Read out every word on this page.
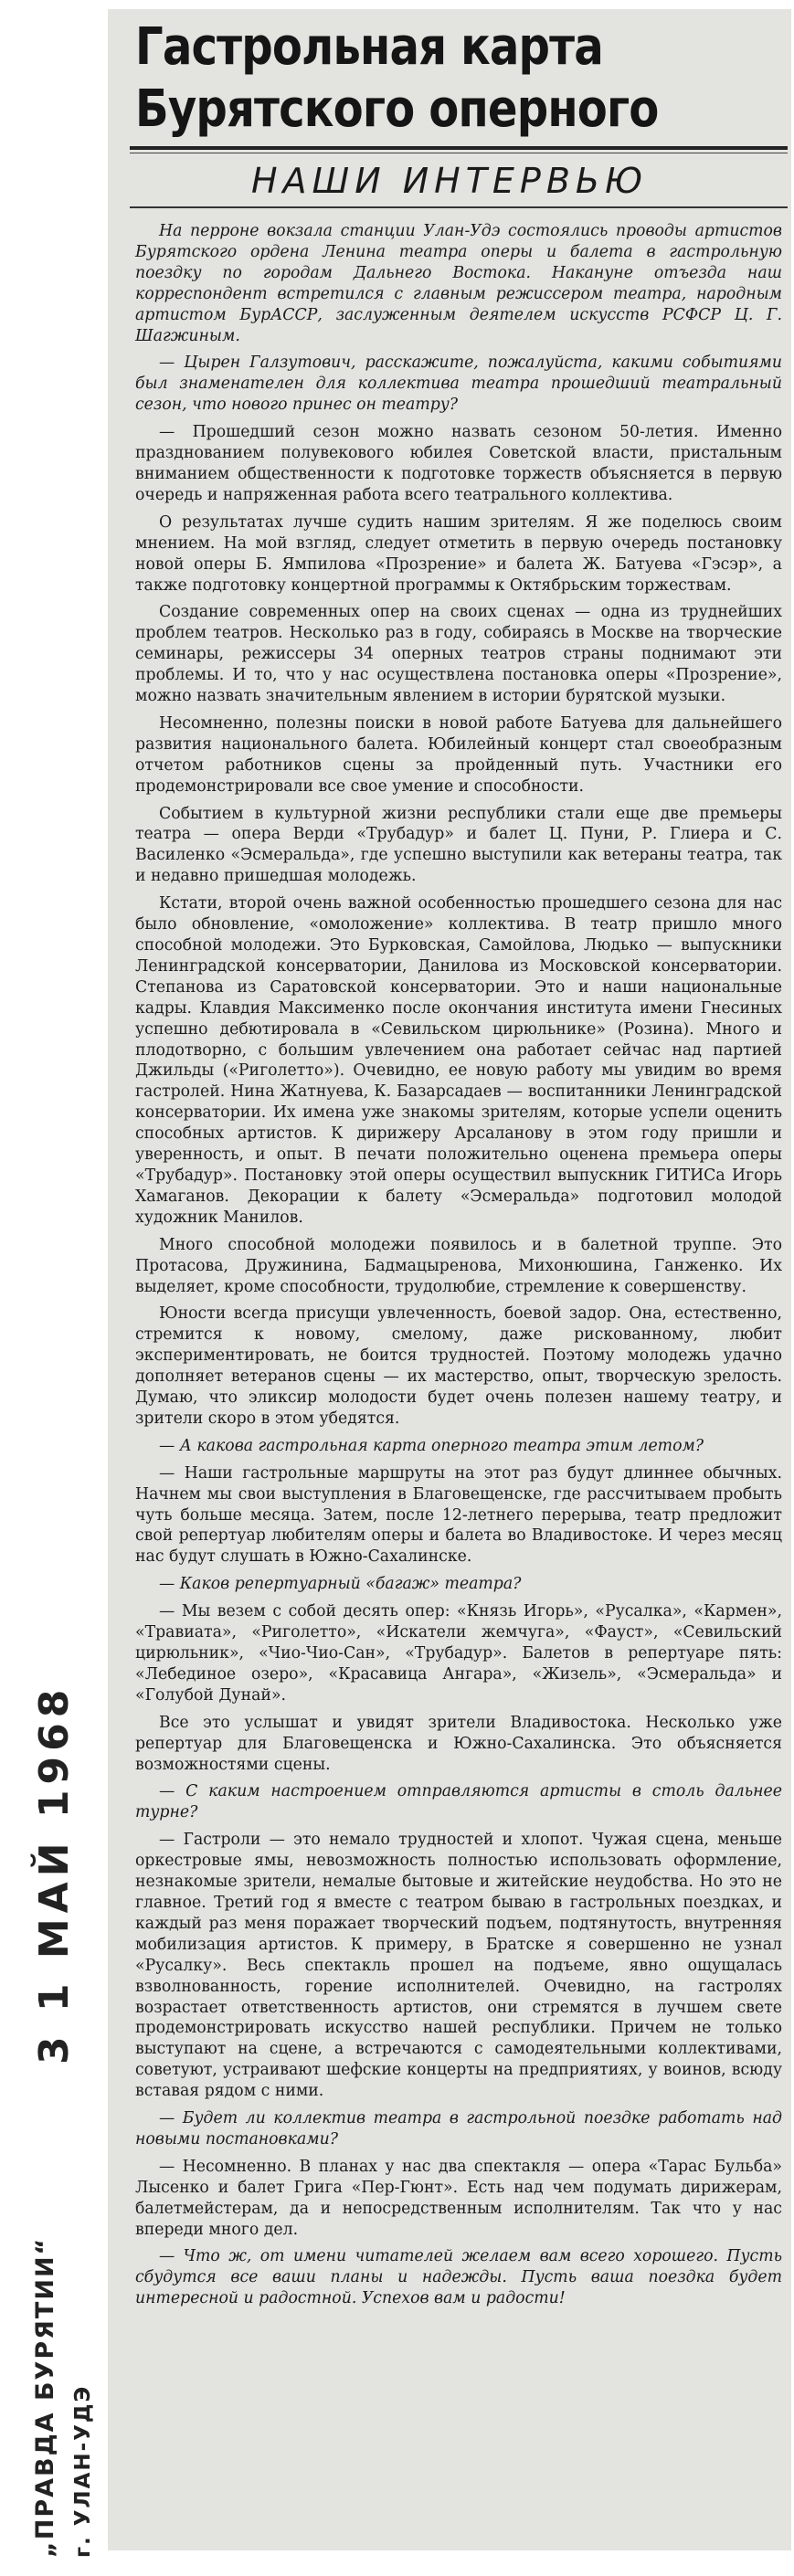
Гастрольная карта
Бурятского оперного
НАШИ ИНТЕРВЬЮ

На перроне вокзала станции Улан-Удэ состоялись проводы артистов Бурятского ордена Ленина театра оперы и балета в гастрольную поездку по городам Дальнего Востока. Накануне отъезда наш корреспондент встретился с главным режиссером театра, народным артистом БурАССР, заслуженным деятелем искусств РСФСР Ц. Г. Шагжиным.

— Цырен Галзутович, расскажите, пожалуйста, какими событиями был знаменателен для коллектива театра прошедший театральный сезон, что нового принес он театру?

— Прошедший сезон можно назвать сезоном 50-летия. Именно празднованием полувекового юбилея Советской власти, пристальным вниманием общественности к подготовке торжеств объясняется в первую очередь и напряженная работа всего театрального коллектива.

О результатах лучше судить нашим зрителям. Я же поделюсь своим мнением. На мой взгляд, следует отметить в первую очередь постановку новой оперы Б. Ямпилова «Прозрение» и балета Ж. Батуева «Гэсэр», а также подготовку концертной программы к Октябрьским торжествам.

Создание современных опер на своих сценах — одна из труднейших проблем театров. Несколько раз в году, собираясь в Москве на творческие семинары, режиссеры 34 оперных театров страны поднимают эти проблемы. И то, что у нас осуществлена постановка оперы «Прозрение», можно назвать значительным явлением в истории бурятской музыки.

Несомненно, полезны поиски в новой работе Батуева для дальнейшего развития национального балета. Юбилейный концерт стал своеобразным отчетом работников сцены за пройденный путь. Участники его продемонстрировали все свое умение и способности.

Событием в культурной жизни республики стали еще две премьеры театра — опера Верди «Трубадур» и балет Ц. Пуни, Р. Глиера и С. Василенко «Эсмеральда», где успешно выступили как ветераны театра, так и недавно пришедшая молодежь.

Кстати, второй очень важной особенностью прошедшего сезона для нас было обновление, «омоложение» коллектива. В театр пришло много способной молодежи. Это Бурковская, Самойлова, Людько — выпускники Ленинградской консерватории, Данилова из Московской консерватории. Степанова из Саратовской консерватории. Это и наши национальные кадры. Клавдия Максименко после окончания института имени Гнесиных успешно дебютировала в «Севильском цирюльнике» (Розина). Много и плодотворно, с большим увлечением она работает сейчас над партией Джильды («Риголетто»). Очевидно, ее новую работу мы увидим во время гастролей. Нина Жатнуева, К. Базарсадаев — воспитанники Ленинградской консерватории. Их имена уже знакомы зрителям, которые успели оценить способных артистов. К дирижеру Арсаланову в этом году пришли и уверенность, и опыт. В печати положительно оценена премьера оперы «Трубадур». Постановку этой оперы осуществил выпускник ГИТИСа Игорь Хамаганов. Декорации к балету «Эсмеральда» подготовил молодой художник Манилов.

Много способной молодежи появилось и в балетной труппе. Это Протасова, Дружинина, Бадмацыренова, Михонюшина, Ганженко. Их выделяет, кроме способности, трудолюбие, стремление к совершенству.

Юности всегда присущи увлеченность, боевой задор. Она, естественно, стремится к новому, смелому, даже рискованному, любит экспериментировать, не боится трудностей. Поэтому молодежь удачно дополняет ветеранов сцены — их мастерство, опыт, творческую зрелость. Думаю, что эликсир молодости будет очень полезен нашему театру, и зрители скоро в этом убедятся.

— А какова гастрольная карта оперного театра этим летом?

— Наши гастрольные маршруты на этот раз будут длиннее обычных. Начнем мы свои выступления в Благовещенске, где рассчитываем пробыть чуть больше месяца. Затем, после 12-летнего перерыва, театр предложит свой репертуар любителям оперы и балета во Владивостоке. И через месяц нас будут слушать в Южно-Сахалинске.

— Каков репертуарный «багаж» театра?

— Мы везем с собой десять опер: «Князь Игорь», «Русалка», «Кармен», «Травиата», «Риголетто», «Искатели жемчуга», «Фауст», «Севильский цирюльник», «Чио-Чио-Сан», «Трубадур». Балетов в репертуаре пять: «Лебединое озеро», «Красавица Ангара», «Жизель», «Эсмеральда» и «Голубой Дунай».

Все это услышат и увидят зрители Владивостока. Несколько уже репертуар для Благовещенска и Южно-Сахалинска. Это объясняется возможностями сцены.

— С каким настроением отправляются артисты в столь дальнее турне?

— Гастроли — это немало трудностей и хлопот. Чужая сцена, меньше оркестровые ямы, невозможность полностью использовать оформление, незнакомые зрители, немалые бытовые и житейские неудобства. Но это не главное. Третий год я вместе с театром бываю в гастрольных поездках, и каждый раз меня поражает творческий подъем, подтянутость, внутренняя мобилизация артистов. К примеру, в Братске я совершенно не узнал «Русалку». Весь спектакль прошел на подъеме, явно ощущалась взволнованность, горение исполнителей. Очевидно, на гастролях возрастает ответственность артистов, они стремятся в лучшем свете продемонстрировать искусство нашей республики. Причем не только выступают на сцене, а встречаются с самодеятельными коллективами, советуют, устраивают шефские концерты на предприятиях, у воинов, всюду вставая рядом с ними.

— Будет ли коллектив театра в гастрольной поездке работать над новыми постановками?

— Несомненно. В планах у нас два спектакля — опера «Тарас Бульба» Лысенко и балет Грига «Пер-Гюнт». Есть над чем подумать дирижерам, балетмейстерам, да и непосредственным исполнителям. Так что у нас впереди много дел.

— Что ж, от имени читателей желаем вам всего хорошего. Пусть сбудутся все ваши планы и надежды. Пусть ваша поездка будет интересной и радостной. Успехов вам и радости!

3 1 МАЙ 1968
„ПРАВДА БУРЯТИИ“ г. УЛАН-УДЭ
